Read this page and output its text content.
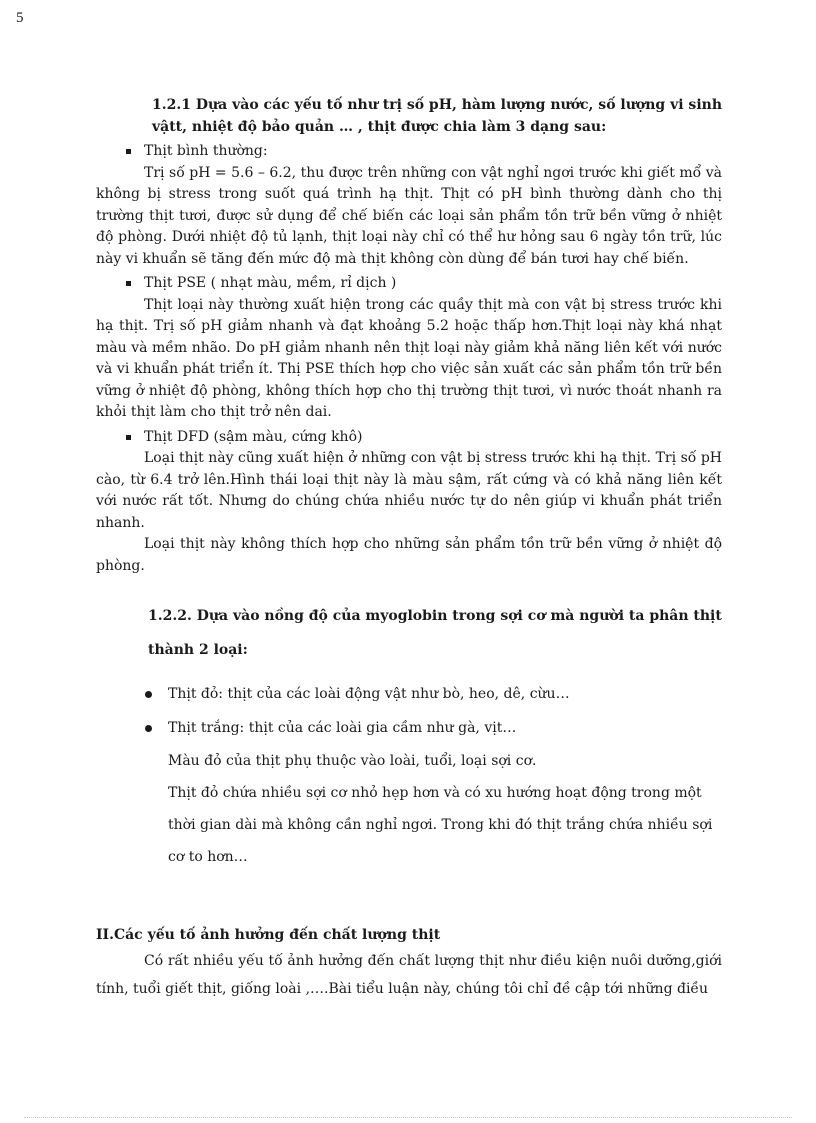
5
1.2.1 Dựa vào các yếu tố như trị số pH, hàm lượng nước, số lượng vi sinh vậtt, nhiệt độ bảo quản … , thịt được chia làm 3 dạng sau:
Thịt bình thường:

Trị số pH = 5.6 – 6.2, thu được trên những con vật nghỉ ngơi trước khi giết mổ và không bị stress trong suốt quá trình hạ thịt. Thịt có pH bình thường dành cho thị trường thịt tươi, được sử dụng để chế biến các loại sản phẩm tồn trữ bền vững ở nhiệt độ phòng. Dưới nhiệt độ tủ lạnh, thịt loại này chỉ có thể hư hỏng sau 6 ngày tồn trữ, lúc này vi khuẩn sẽ tăng đến mức độ mà thịt không còn dùng để bán tươi hay chế biến.

Thịt PSE ( nhạt màu, mềm, rỉ dịch )

Thịt loại này thường xuất hiện trong các quầy thịt mà con vật bị stress trước khi hạ thịt. Trị số pH giảm nhanh và đạt khoảng 5.2 hoặc thấp hơn.Thịt loại này khá nhạt màu và mềm nhão. Do pH giảm nhanh nên thịt loại này giảm khả năng liên kết với nước và vi khuẩn phát triển ít. Thị PSE thích hợp cho việc sản xuất các sản phẩm tồn trữ bền vững ở nhiệt độ phòng, không thích hợp cho thị trường thịt tươi, vì nước thoát nhanh ra khỏi thịt làm cho thịt trở nên dai.

Thịt DFD (sậm màu, cứng khô)

Loại thịt này cũng xuất hiện ở những con vật bị stress trước khi hạ thịt. Trị số pH cào, từ 6.4 trở lên.Hình thái loại thịt này là màu sậm, rất cứng và có khả năng liên kết với nước rất tốt. Nhưng do chúng chứa nhiều nước tự do nên giúp vi khuẩn phát triển nhanh.

Loại thịt này không thích hợp cho những sản phẩm tồn trữ bền vững ở nhiệt độ phòng.

1.2.2. Dựa vào nồng độ của myoglobin trong sợi cơ mà người ta phân thịt
thành 2 loại:
Thịt đỏ: thịt của các loài động vật như bò, heo, dê, cừu…
Thịt trắng: thịt của các loài gia cầm như gà, vịt…
Màu đỏ của thịt phụ thuộc vào loài, tuổi, loại sợi cơ.
Thịt đỏ chứa nhiều sợi cơ nhỏ hẹp hơn và có xu hướng hoạt động trong một
thời gian dài mà không cần nghỉ ngơi. Trong khi đó thịt trắng chứa nhiều sợi
cơ to hơn…
II.Các yếu tố ảnh hưởng đến chất lượng thịt

Có rất nhiều yếu tố ảnh hưởng đến chất lượng thịt như điều kiện nuôi dưỡng,giới tính, tuổi giết thịt, giống loài ,….Bài tiểu luận này, chúng tôi chỉ đề cập tới những điều
